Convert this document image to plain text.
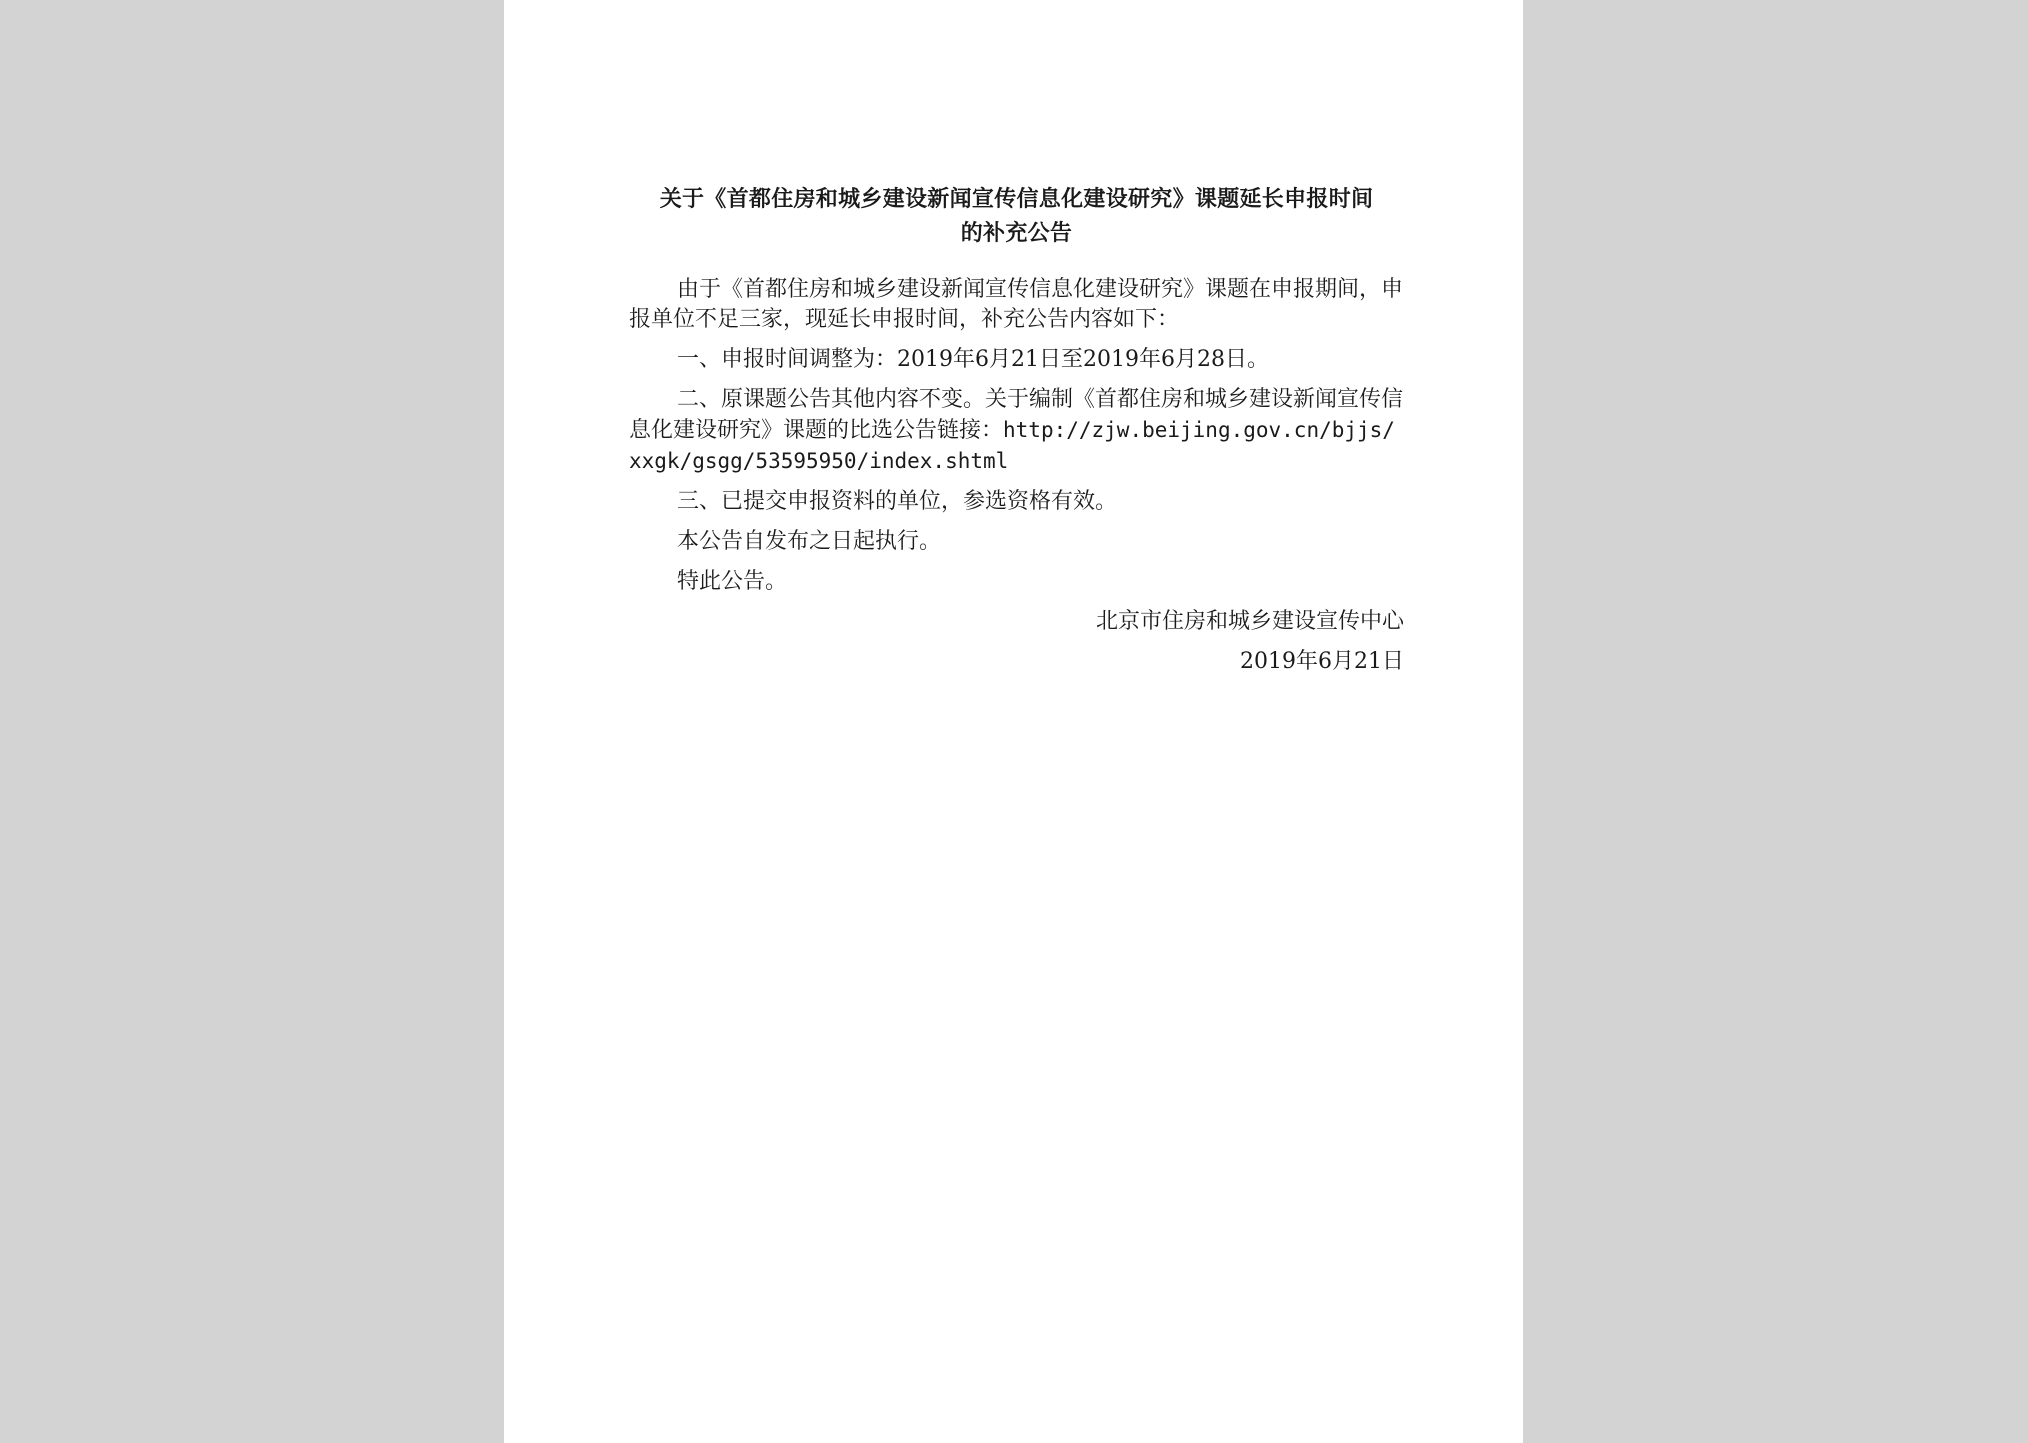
关于《首都住房和城乡建设新闻宣传信息化建设研究》课题延长申报时间
的补充公告

由于《首都住房和城乡建设新闻宣传信息化建设研究》课题在申报期间，申报单位不足三家，现延长申报时间，补充公告内容如下：

一、申报时间调整为：2019年6月21日至2019年6月28日。

二、原课题公告其他内容不变。关于编制《首都住房和城乡建设新闻宣传信息化建设研究》课题的比选公告链接：http://zjw.beijing.gov.cn/bjjs/xxgk/gsgg/53595950/index.shtml

三、已提交申报资料的单位，参选资格有效。

本公告自发布之日起执行。

特此公告。

北京市住房和城乡建设宣传中心
2019年6月21日
